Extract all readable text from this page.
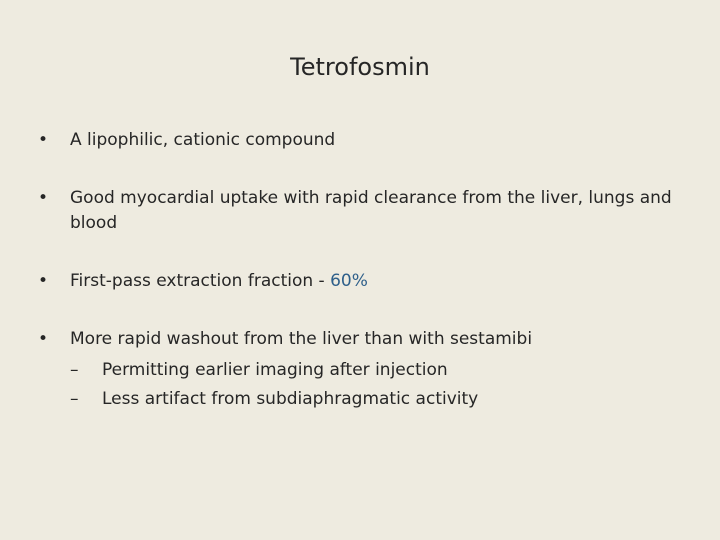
Tetrofosmin
• A lipophilic, cationic compound
• Good myocardial uptake with rapid clearance from the liver, lungs and blood
• First-pass extraction fraction - 60%
• More rapid washout from the liver than with sestamibi
– Permitting earlier imaging after injection
– Less artifact from subdiaphragmatic activity
